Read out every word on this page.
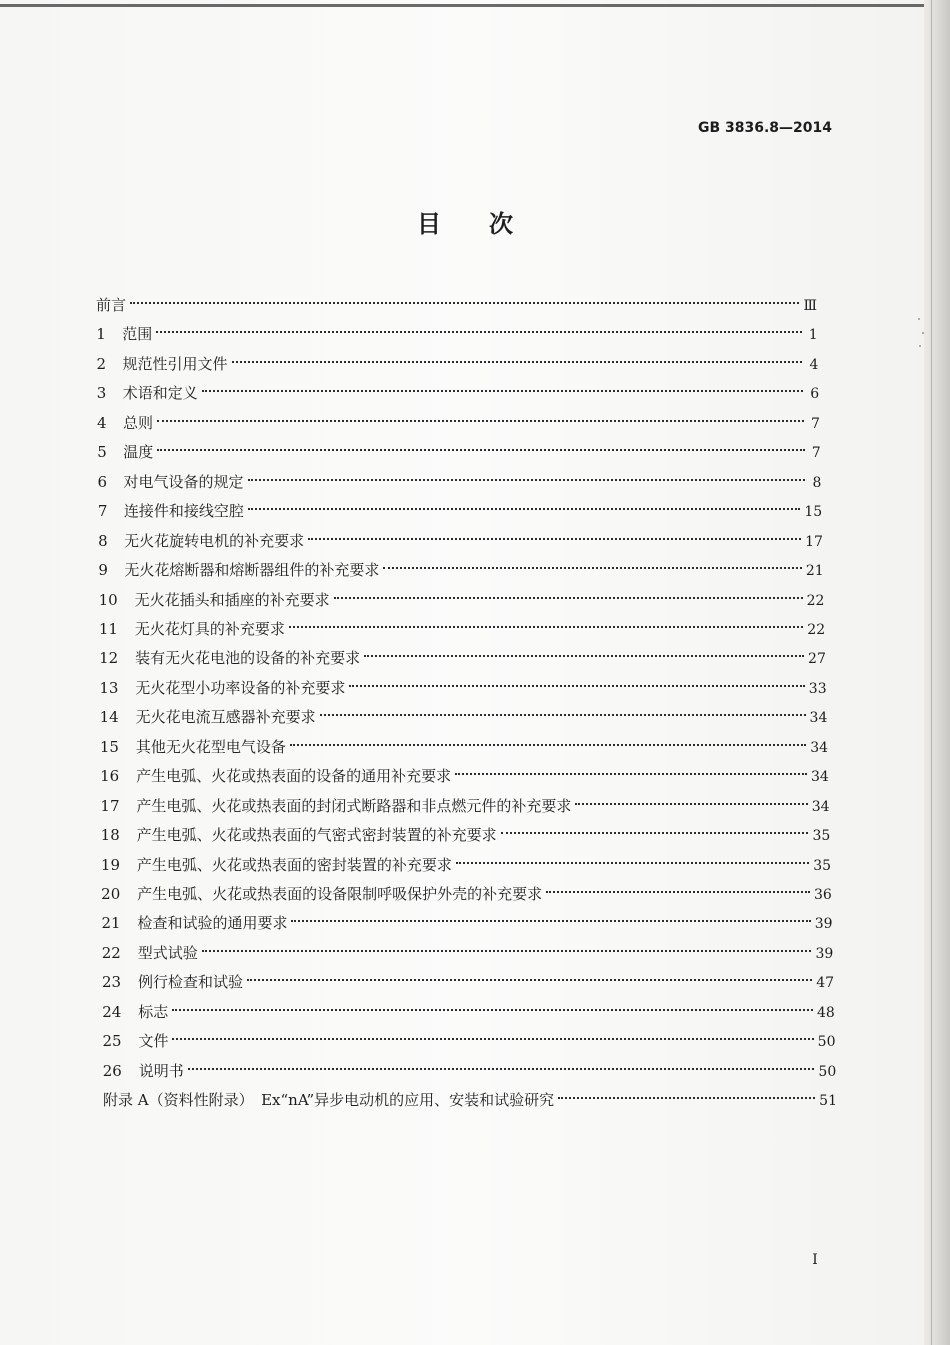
GB 3836.8—2014
目次
前言	Ⅲ
1	范围	1
2	规范性引用文件	4
3	术语和定义	6
4	总则	7
5	温度	7
6	对电气设备的规定	8
7	连接件和接线空腔	15
8	无火花旋转电机的补充要求	17
9	无火花熔断器和熔断器组件的补充要求	21
10	无火花插头和插座的补充要求	22
11	无火花灯具的补充要求	22
12	装有无火花电池的设备的补充要求	27
13	无火花型小功率设备的补充要求	33
14	无火花电流互感器补充要求	34
15	其他无火花型电气设备	34
16	产生电弧、火花或热表面的设备的通用补充要求	34
17	产生电弧、火花或热表面的封闭式断路器和非点燃元件的补充要求	34
18	产生电弧、火花或热表面的气密式密封装置的补充要求	35
19	产生电弧、火花或热表面的密封装置的补充要求	35
20	产生电弧、火花或热表面的设备限制呼吸保护外壳的补充要求	36
21	检查和试验的通用要求	39
22	型式试验	39
23	例行检查和试验	47
24	标志	48
25	文件	50
26	说明书	50
附录 A（资料性附录）　Ex“nA”异步电动机的应用、安装和试验研究	51
I
